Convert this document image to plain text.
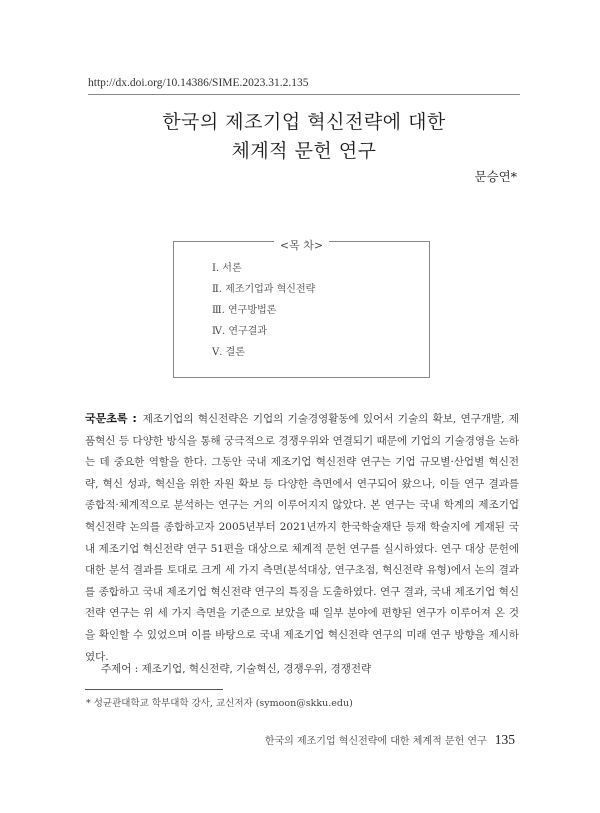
http://dx.doi.org/10.14386/SIME.2023.31.2.135
한국의 제조기업 혁신전략에 대한
체계적 문헌 연구
문승연*
<목 차>
Ⅰ. 서론
Ⅱ. 제조기업과 혁신전략
Ⅲ. 연구방법론
Ⅳ. 연구결과
Ⅴ. 결론
국문초록 : 제조기업의 혁신전략은 기업의 기술경영활동에 있어서 기술의 확보, 연구개발, 제품혁신 등 다양한 방식을 통해 궁극적으로 경쟁우위와 연결되기 때문에 기업의 기술경영을 논하는 데 중요한 역할을 한다. 그동안 국내 제조기업 혁신전략 연구는 기업 규모별·산업별 혁신전략, 혁신 성과, 혁신을 위한 자원 확보 등 다양한 측면에서 연구되어 왔으나, 이들 연구 결과를 종합적·체계적으로 분석하는 연구는 거의 이루어지지 않았다. 본 연구는 국내 학계의 제조기업 혁신전략 논의를 종합하고자 2005년부터 2021년까지 한국학술재단 등재 학술지에 게재된 국내 제조기업 혁신전략 연구 51편을 대상으로 체계적 문헌 연구를 실시하였다. 연구 대상 문헌에 대한 분석 결과를 토대로 크게 세 가지 측면(분석대상, 연구초점, 혁신전략 유형)에서 논의 결과를 종합하고 국내 제조기업 혁신전략 연구의 특징을 도출하였다. 연구 결과, 국내 제조기업 혁신전략 연구는 위 세 가지 측면을 기준으로 보았을 때 일부 분야에 편향된 연구가 이루어져 온 것을 확인할 수 있었으며 이를 바탕으로 국내 제조기업 혁신전략 연구의 미래 연구 방향을 제시하였다.
주제어 : 제조기업, 혁신전략, 기술혁신, 경쟁우위, 경쟁전략
* 성균관대학교 학부대학 강사, 교신저자 (symoon@skku.edu)
한국의 제조기업 혁신전략에 대한 체계적 문헌 연구 135
